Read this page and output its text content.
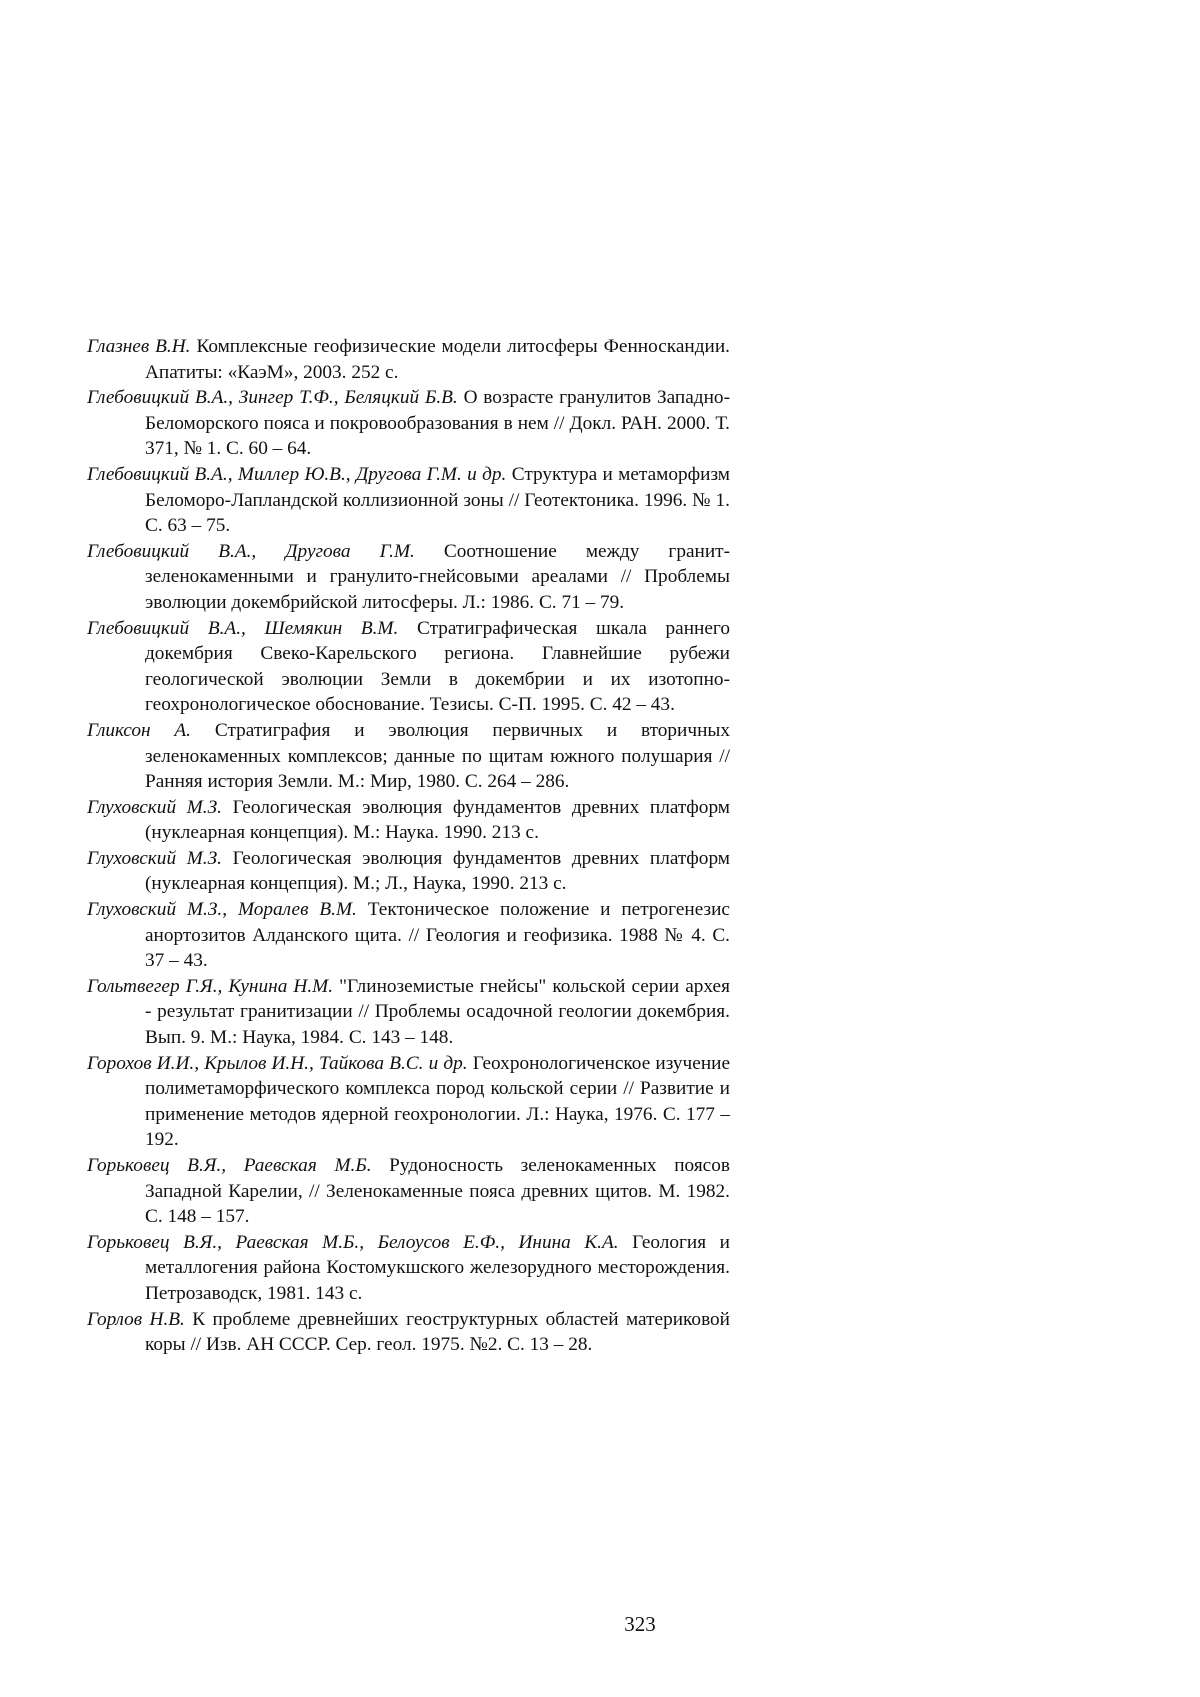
Глазнев В.Н. Комплексные геофизические модели литосферы Фенноскандии. Апатиты: «КаэМ», 2003. 252 с.
Глебовицкий В.А., Зингер Т.Ф., Беляцкий Б.В. О возрасте гранулитов Западно-Беломорского пояса и покровообразования в нем // Докл. РАН. 2000. Т. 371, № 1. С. 60 – 64.
Глебовицкий В.А., Миллер Ю.В., Другова Г.М. и др. Структура и метаморфизм Беломоро-Лапландской коллизионной зоны // Геотектоника. 1996. № 1. С. 63 – 75.
Глебовицкий В.А., Другова Г.М. Соотношение между гранит-зеленокаменными и гранулито-гнейсовыми ареалами // Проблемы эволюции докембрийской литосферы. Л.: 1986. С. 71 – 79.
Глебовицкий В.А., Шемякин В.М. Стратиграфическая шкала раннего докембрия Свеко-Карельского региона. Главнейшие рубежи геологической эволюции Земли в докембрии и их изотопно-геохронологическое обоснование. Тезисы. С-П. 1995. С. 42 – 43.
Гликсон А. Стратиграфия и эволюция первичных и вторичных зеленокаменных комплексов; данные по щитам южного полушария // Ранняя история Земли. М.: Мир, 1980. С. 264 – 286.
Глуховский М.З. Геологическая эволюция фундаментов древних платформ (нуклеарная концепция). М.: Наука. 1990. 213 с.
Глуховский М.З. Геологическая эволюция фундаментов древних платформ (нуклеарная концепция). М.; Л., Наука, 1990. 213 с.
Глуховский М.З., Моралев В.М. Тектоническое положение и петрогенезис анортозитов Алданского щита. // Геология и геофизика. 1988 № 4. С. 37 – 43.
Гольтвегер Г.Я., Кунина Н.М. "Глиноземистые гнейсы" кольской серии архея - результат гранитизации // Проблемы осадочной геологии докембрия. Вып. 9. М.: Наука, 1984. С. 143 – 148.
Горохов И.И., Крылов И.Н., Тайкова В.С. и др. Геохронологиченское изучение полиметаморфического комплекса пород кольской серии // Развитие и применение методов ядерной геохронологии. Л.: Наука, 1976. С. 177 – 192.
Горьковец В.Я., Раевская М.Б. Рудоносность зеленокаменных поясов Западной Карелии, // Зеленокаменные пояса древних щитов. М. 1982. С. 148 – 157.
Горьковец В.Я., Раевская М.Б., Белоусов Е.Ф., Инина К.А. Геология и металлогения района Костомукшского железорудного месторождения. Петрозаводск, 1981. 143 с.
Горлов Н.В. К проблеме древнейших геоструктурных областей материковой коры // Изв. АН СССР. Сер. геол. 1975. №2. С. 13 – 28.
323
